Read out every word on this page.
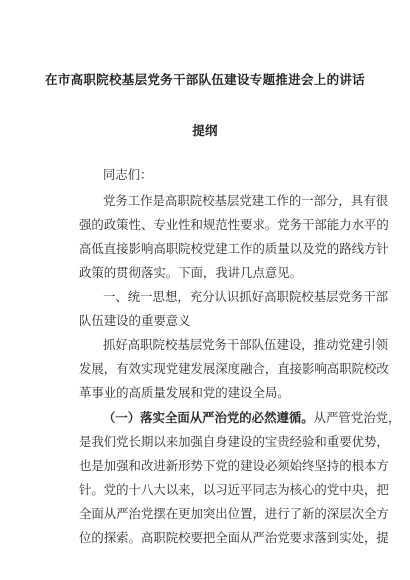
在市高职院校基层党务干部队伍建设专题推进会上的讲话
提纲
同志们：
党务工作是高职院校基层党建工作的一部分，具有很
强的政策性、专业性和规范性要求。党务干部能力水平的
高低直接影响高职院校党建工作的质量以及党的路线方针
政策的贯彻落实。下面，我讲几点意见。
一、统一思想，充分认识抓好高职院校基层党务干部
队伍建设的重要意义
抓好高职院校基层党务干部队伍建设，推动党建引领
发展，有效实现党建发展深度融合，直接影响高职院校改
革事业的高质量发展和党的建设全局。
（一）落实全面从严治党的必然遵循。从严管党治党，
是我们党长期以来加强自身建设的宝贵经验和重要优势，
也是加强和改进新形势下党的建设必须始终坚持的根本方
针。党的十八大以来，以习近平同志为核心的党中央，把
全面从严治党摆在更加突出位置，进行了新的深层次全方
位的探索。高职院校要把全面从严治党要求落到实处，提
